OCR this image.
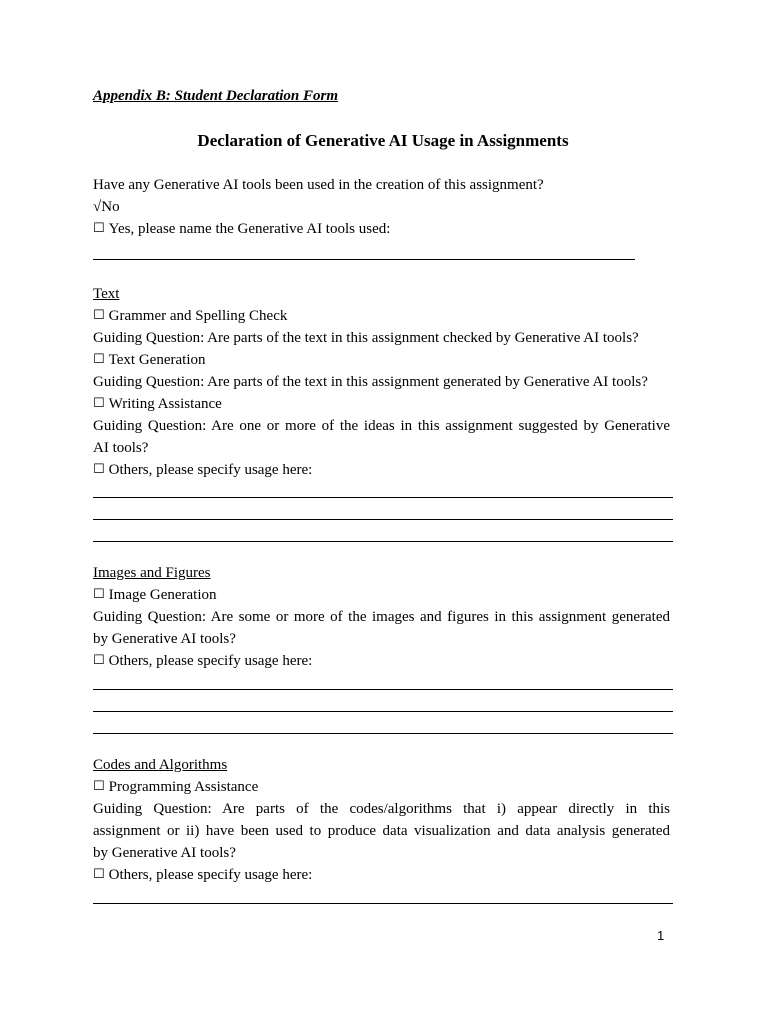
Appendix B: Student Declaration Form
Declaration of Generative AI Usage in Assignments
Have any Generative AI tools been used in the creation of this assignment?
√No
☐ Yes, please name the Generative AI tools used:
Text
☐ Grammer and Spelling Check
Guiding Question: Are parts of the text in this assignment checked by Generative AI tools?
☐ Text Generation
Guiding Question: Are parts of the text in this assignment generated by Generative AI tools?
☐ Writing Assistance
Guiding Question: Are one or more of the ideas in this assignment suggested by Generative
AI tools?
☐ Others, please specify usage here:
Images and Figures
☐ Image Generation
Guiding Question: Are some or more of the images and figures in this assignment generated
by Generative AI tools?
☐ Others, please specify usage here:
Codes and Algorithms
☐ Programming Assistance
Guiding Question: Are parts of the codes/algorithms that i) appear directly in this
assignment or ii) have been used to produce data visualization and data analysis generated
by Generative AI tools?
☐ Others, please specify usage here:
1
